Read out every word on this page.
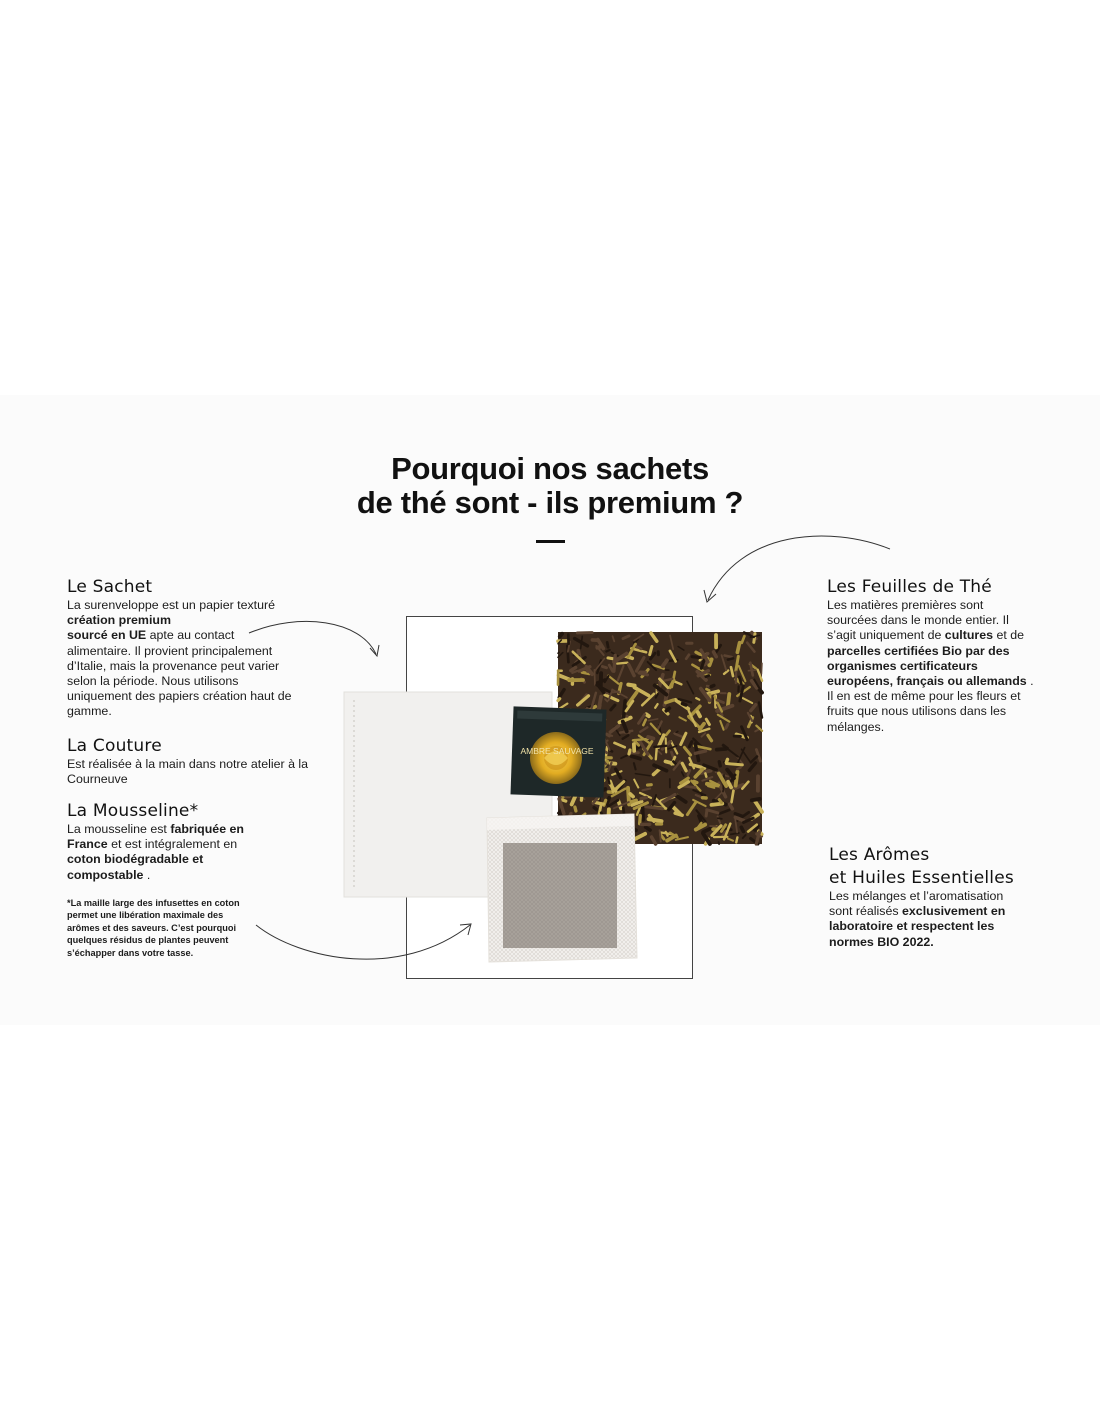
Pourquoi nos sachets
de thé sont - ils premium ?
Le Sachet
La surenveloppe est un papier texturé
création premium
sourcé en UE apte au contact
alimentaire. Il provient principalement
d’Italie, mais la provenance peut varier
selon la période. Nous utilisons
uniquement des papiers création haut de
gamme.
La Couture
Est réalisée à la main dans notre atelier à la
Courneuve
La Mousseline*
La mousseline est fabriquée en
France et est intégralement en
coton biodégradable et
compostable .
*La maille large des infusettes en coton
permet une libération maximale des
arômes et des saveurs. C’est pourquoi
quelques résidus de plantes peuvent
s’échapper dans votre tasse.
Les Feuilles de Thé
Les matières premières sont
sourcées dans le monde entier. Il
s’agit uniquement de cultures et de
parcelles certifiées Bio par des
organismes certificateurs
européens, français ou allemands .
Il en est de même pour les fleurs et
fruits que nous utilisons dans les
mélanges.
Les Arômes
et Huiles Essentielles
Les mélanges et l’aromatisation
sont réalisés exclusivement en
laboratoire et respectent les
normes BIO 2022.
AMBRE SAUVAGE
